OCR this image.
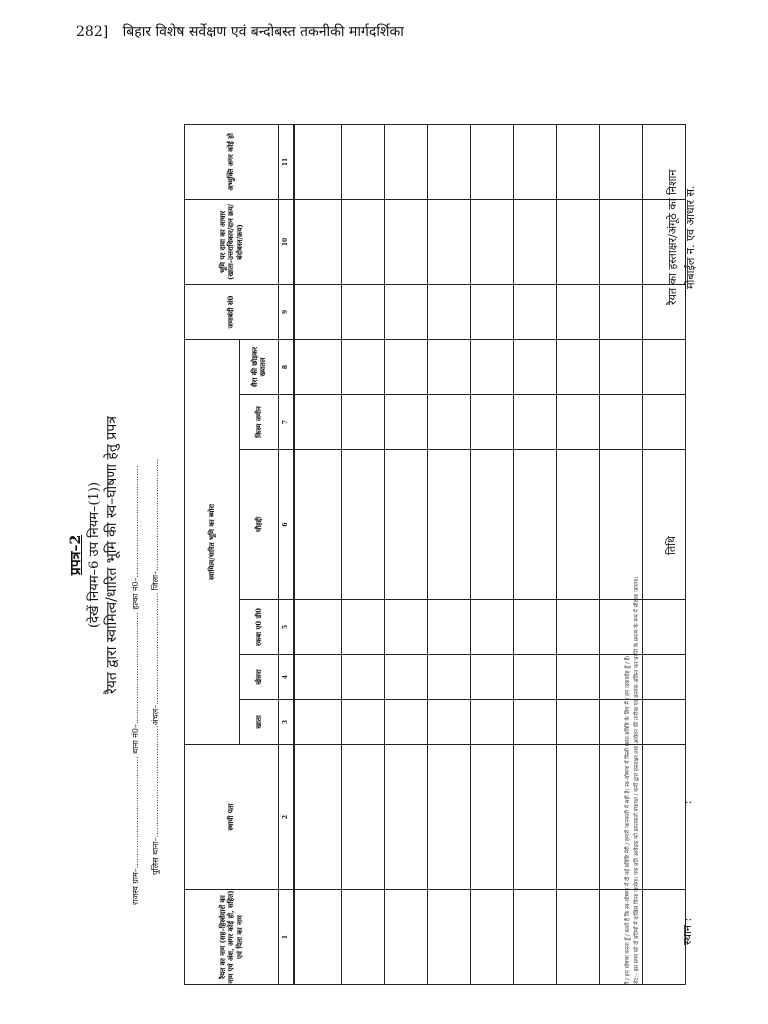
282] बिहार विशेष सर्वेक्षण एवं बन्दोबस्त तकनीकी मार्गदर्शिका
प्रपत्र–2 (देखें नियम–6 उप नियम–(1)) रैयत द्वारा स्वामित्व/धारित भूमि की स्व–घोषणा हेतु प्रपत्र राजस्व ग्राम–............................................ थाना नं0–............................................ हल्का नं0–............................................ पुलिस थाना–............................................अंचल–............................................ जिला–............................................
रैयत का नाम (सह–हिस्सेदारों का नाम एवं अंश, अगर कोई हो, सहित) एवं पिता का नाम	स्थायी पता	स्वामित्व/धारित भूमि का ब्योरा						जमाबंदी सं0	भूमि पर दावा का आधार (खाता–उत्तराधिकार/दान क्रय/बंदोबस्त/क्रय)	अभ्युक्ति अगर कोई हो
		खाता	खेसरा	रकबा ए0 डी0	चौहद्दी	किस्म जमीन	सैरा की छोड़कर ख्यातल			
1	2	3	4	5	6	7	8	9	10	11

मैं / हम घोषणा करता हूँ / करते हैं कि स्व–घोषणा में दी गई प्रविष्टि मेरी / हमारी जानकारी में सही है। स्व–घोषणा में किसी गलत प्रविष्टि के लिए मैं / हम जवाबदेह हूँ / हैं। नोट:– इस प्रपत्र को दो प्रतियों में दाखिल किया जायेगा। एक प्रति आवेदक को प्राप्तकर्ता पंचायत / कर्मी द्वारा हस्ताक्षर तथा आवेदन की तारीख एवं क्रमांक अंकित कर प्राप्ति के प्रमाण के रूप में लौटाया जाएगा।	स्थान : :
तिथि
रैयत का हस्ताक्षर/अंगूठे का निशान मोबाईल नं. एवं आधार सं.
